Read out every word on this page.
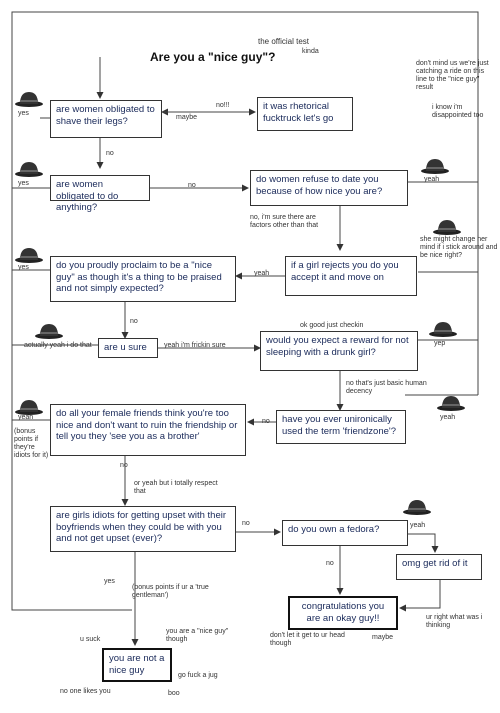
the official test
kinda
Are you a "nice guy"?	don't mind us we're just catching a ride on this line to the "nice guy" result
i know i'm disappointed too
are women obligated to shave their legs?
it was rhetorical fucktruck let's go
are women obligated to do anything?
do women refuse to date you because of how nice you are?
do you proudly proclaim to be a "nice guy" as though it's a thing to be praised and not simply expected?
if a girl rejects you do you accept it and move on
are u sure
would you expect a reward for not sleeping with a drunk girl?
do all your female friends think you're too nice and don't want to ruin the friendship or tell you they 'see you as a brother'
have you ever unironically used the term 'friendzone'?
are girls idiots for getting upset with their boyfriends when they could be with you and not get upset (ever)?
do you own a fedora?
omg get rid of it
congratulations you are an okay guy!!
you are not a nice guy
yes
no!!!
maybe
no
yes	no
yeah
no, i'm sure there are factors other than that
she might change her mind if i stick around and be nice right?
yes
yeah
no
actually yeah i do that	yeah i'm frickin sure
ok good just checkin
yep
no that's just basic human decency
yeah
no
yeah
(bonus points if they're idiots for it)
no
or yeah but i totally respect that
no	yeah
no
yes
(bonus points if ur a 'true gentleman')
u suck
you are a "nice guy" though
go fuck a jug
no one likes you	boo
don't let it get to ur head though
maybe
ur right what was i thinking
